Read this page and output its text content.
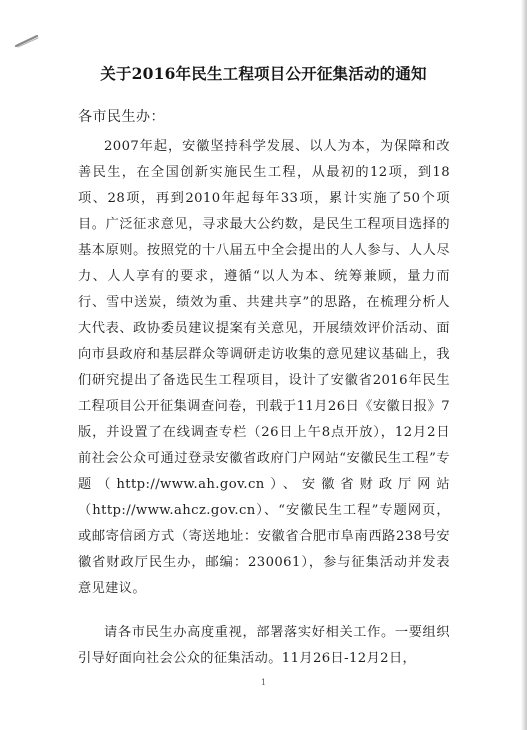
关于2016年民生工程项目公开征集活动的通知
各市民生办：

2007年起，安徽坚持科学发展、以人为本，为保障和改善民生，在全国创新实施民生工程，从最初的12项，到18项、28项，再到2010年起每年33项，累计实施了50个项目。广泛征求意见，寻求最大公约数，是民生工程项目选择的基本原则。按照党的十八届五中全会提出的人人参与、人人尽力、人人享有的要求，遵循“以人为本、统筹兼顾，量力而行、雪中送炭，绩效为重、共建共享”的思路，在梳理分析人大代表、政协委员建议提案有关意见，开展绩效评价活动、面向市县政府和基层群众等调研走访收集的意见建议基础上，我们研究提出了备选民生工程项目，设计了安徽省2016年民生工程项目公开征集调查问卷，刊载于11月26日《安徽日报》7版，并设置了在线调查专栏（26日上午8点开放），12月2日前社会公众可通过登录安徽省政府门户网站“安徽民生工程”专题（http://www.ah.gov.cn）、安徽省财政厅网站（http://www.ahcz.gov.cn）、“安徽民生工程”专题网页，或邮寄信函方式（寄送地址：安徽省合肥市阜南西路238号安徽省财政厅民生办，邮编：230061），参与征集活动并发表意见建议。

请各市民生办高度重视，部署落实好相关工作。一要组织引导好面向社会公众的征集活动。11月26日-12月2日，

1
